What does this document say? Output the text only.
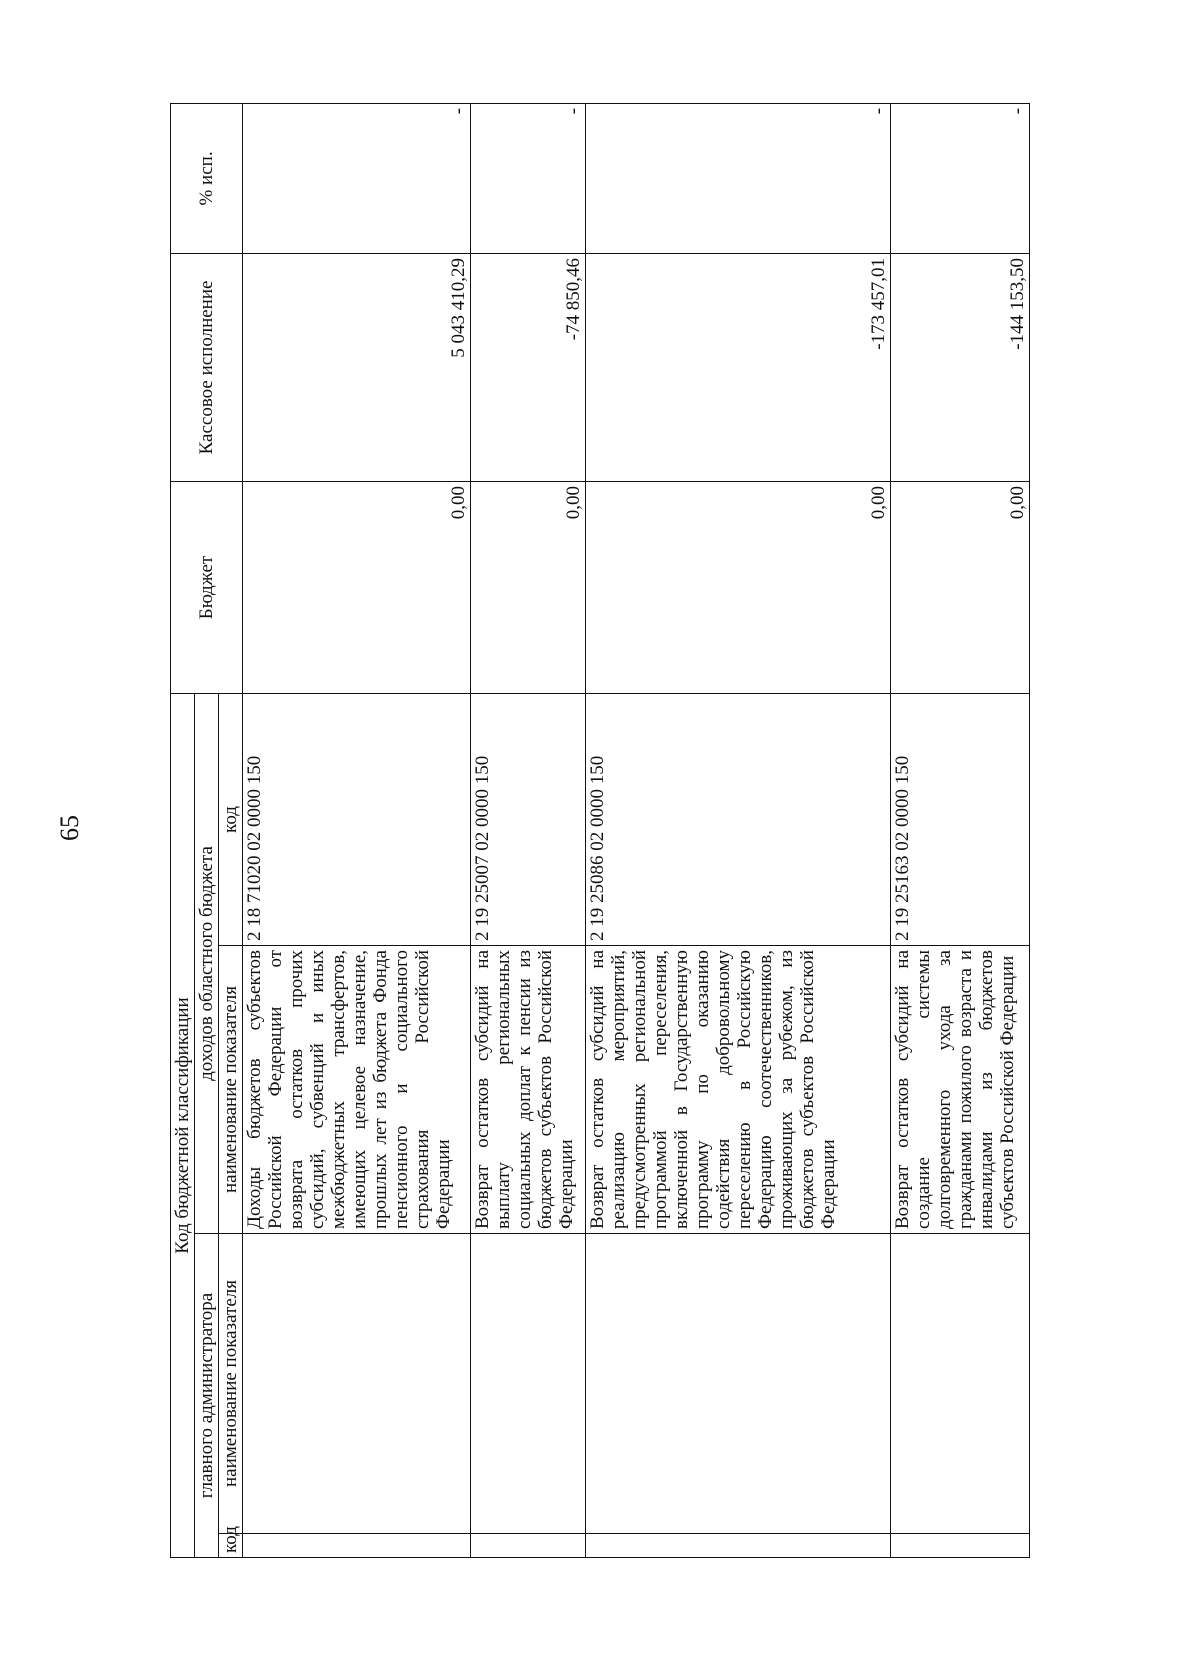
65
Код бюджетной классификации				Бюджет	Кассовое исполнение	% исп.
главного администратора		доходов областного бюджета				
код	наименование показателя	наименование показателя	код			
		Доходы бюджетов субъектов Российской Федерации от возврата остатков прочих субсидий, субвенций и иных межбюджетных трансфертов, имеющих целевое назначение, прошлых лет из бюджета Фонда пенсионного и социального страхования Российской Федерации	2 18 71020 02 0000 150	0,00	5 043 410,29	-
		Возврат остатков субсидий на выплату региональных социальных доплат к пенсии из бюджетов субъектов Российской Федерации	2 19 25007 02 0000 150	0,00	-74 850,46	-
		Возврат остатков субсидий на реализацию мероприятий, предусмотренных региональной программой переселения, включенной в Государственную программу по оказанию содействия добровольному переселению в Российскую Федерацию соотечественников, проживающих за рубежом, из бюджетов субъектов Российской Федерации	2 19 25086 02 0000 150	0,00	-173 457,01	-
		Возврат остатков субсидий на создание системы долговременного ухода за гражданами пожилого возраста и инвалидами из бюджетов субъектов Российской Федерации	2 19 25163 02 0000 150	0,00	-144 153,50	-
